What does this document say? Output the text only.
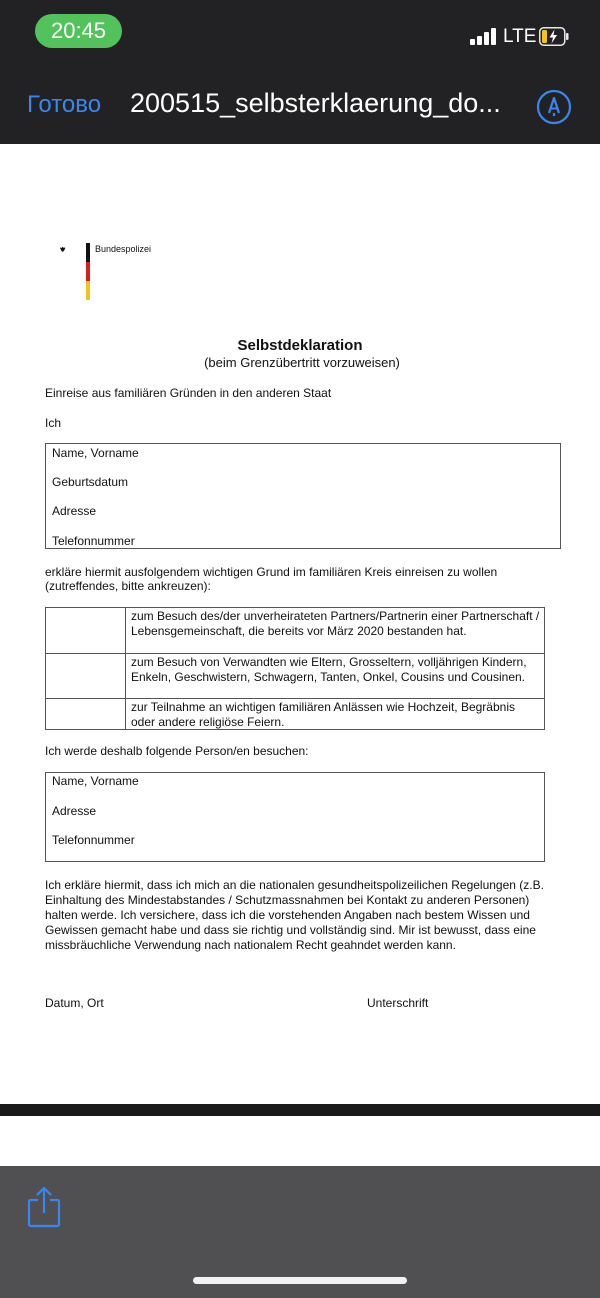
20:45	LTE
Готово 200515_selbsterklaerung_do...
Bundespolizei
Selbstdeklaration
(beim Grenzübertritt vorzuweisen)
Einreise aus familiären Gründen in den anderen Staat
Ich
Name, Vorname
Geburtsdatum
Adresse
Telefonnummer
erkläre hiermit ausfolgendem wichtigen Grund im familiären Kreis einreisen zu wollen
(zutreffendes, bitte ankreuzen):
zum Besuch des/der unverheirateten Partners/Partnerin einer Partnerschaft / Lebensgemeinschaft, die bereits vor März 2020 bestanden hat.
zum Besuch von Verwandten wie Eltern, Grosseltern, volljährigen Kindern, Enkeln, Geschwistern, Schwagern, Tanten, Onkel, Cousins und Cousinen.
zur Teilnahme an wichtigen familiären Anlässen wie Hochzeit, Begräbnis oder andere religiöse Feiern.
Ich werde deshalb folgende Person/en besuchen:
Name, Vorname
Adresse
Telefonnummer
Ich erkläre hiermit, dass ich mich an die nationalen gesundheitspolizeilichen Regelungen (z.B. Einhaltung des Mindestabstandes / Schutzmassnahmen bei Kontakt zu anderen Personen) halten werde. Ich versichere, dass ich die vorstehenden Angaben nach bestem Wissen und Gewissen gemacht habe und dass sie richtig und vollständig sind. Mir ist bewusst, dass eine missbräuchliche Verwendung nach nationalem Recht geahndet werden kann.
Datum, Ort	Unterschrift
